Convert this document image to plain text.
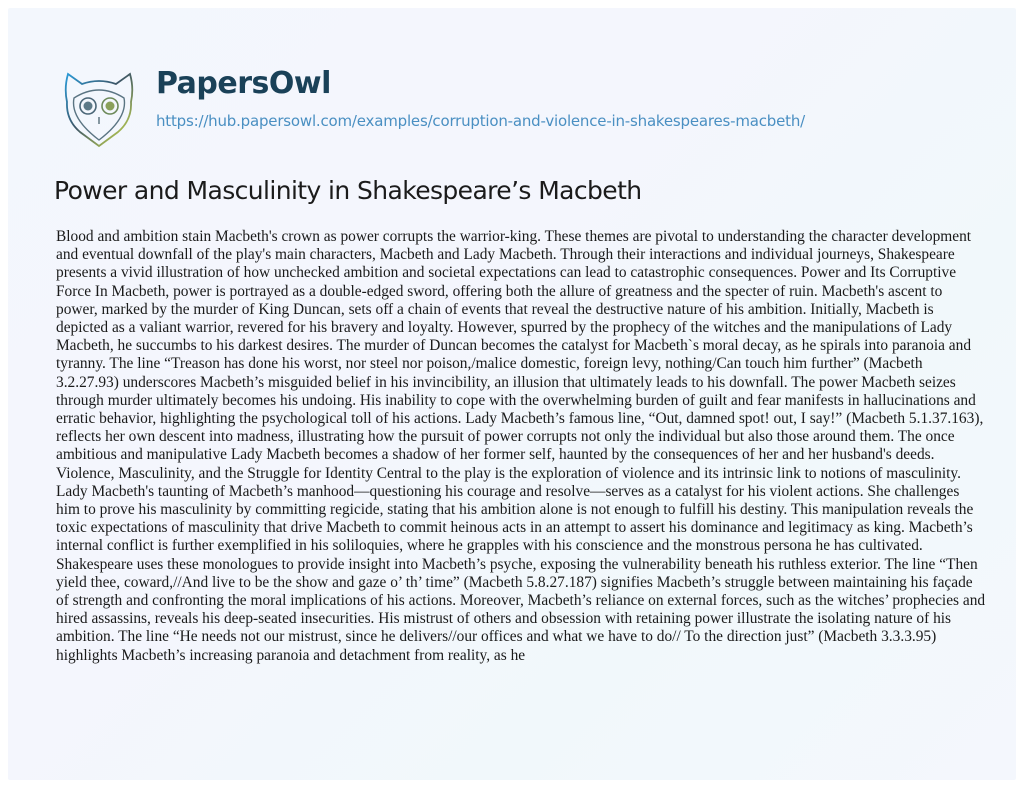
PapersOwl
https://hub.papersowl.com/examples/corruption-and-violence-in-shakespeares-macbeth/
Power and Masculinity in Shakespeare’s Macbeth

Blood and ambition stain Macbeth's crown as power corrupts the warrior-king. These themes are pivotal to understanding the character development and eventual downfall of the play's main characters, Macbeth and Lady Macbeth. Through their interactions and individual journeys, Shakespeare presents a vivid illustration of how unchecked ambition and societal expectations can lead to catastrophic consequences. Power and Its Corruptive Force In Macbeth, power is portrayed as a double-edged sword, offering both the allure of greatness and the specter of ruin. Macbeth's ascent to power, marked by the murder of King Duncan, sets off a chain of events that reveal the destructive nature of his ambition. Initially, Macbeth is depicted as a valiant warrior, revered for his bravery and loyalty. However, spurred by the prophecy of the witches and the manipulations of Lady Macbeth, he succumbs to his darkest desires. The murder of Duncan becomes the catalyst for Macbeth`s moral decay, as he spirals into paranoia and tyranny. The line “Treason has done his worst, nor steel nor poison,/malice domestic, foreign levy, nothing/Can touch him further” (Macbeth 3.2.27.93) underscores Macbeth’s misguided belief in his invincibility, an illusion that ultimately leads to his downfall. The power Macbeth seizes through murder ultimately becomes his undoing. His inability to cope with the overwhelming burden of guilt and fear manifests in hallucinations and erratic behavior, highlighting the psychological toll of his actions. Lady Macbeth’s famous line, “Out, damned spot! out, I say!” (Macbeth 5.1.37.163), reflects her own descent into madness, illustrating how the pursuit of power corrupts not only the individual but also those around them. The once ambitious and manipulative Lady Macbeth becomes a shadow of her former self, haunted by the consequences of her and her husband's deeds. Violence, Masculinity, and the Struggle for Identity Central to the play is the exploration of violence and its intrinsic link to notions of masculinity. Lady Macbeth's taunting of Macbeth’s manhood—questioning his courage and resolve—serves as a catalyst for his violent actions. She challenges him to prove his masculinity by committing regicide, stating that his ambition alone is not enough to fulfill his destiny. This manipulation reveals the toxic expectations of masculinity that drive Macbeth to commit heinous acts in an attempt to assert his dominance and legitimacy as king. Macbeth’s internal conflict is further exemplified in his soliloquies, where he grapples with his conscience and the monstrous persona he has cultivated. Shakespeare uses these monologues to provide insight into Macbeth’s psyche, exposing the vulnerability beneath his ruthless exterior. The line “Then yield thee, coward,//And live to be the show and gaze o’ th’ time” (Macbeth 5.8.27.187) signifies Macbeth’s struggle between maintaining his façade of strength and confronting the moral implications of his actions. Moreover, Macbeth’s reliance on external forces, such as the witches’ prophecies and hired assassins, reveals his deep-seated insecurities. His mistrust of others and obsession with retaining power illustrate the isolating nature of his ambition. The line “He needs not our mistrust, since he delivers//our offices and what we have to do// To the direction just” (Macbeth 3.3.3.95) highlights Macbeth’s increasing paranoia and detachment from reality, as he
